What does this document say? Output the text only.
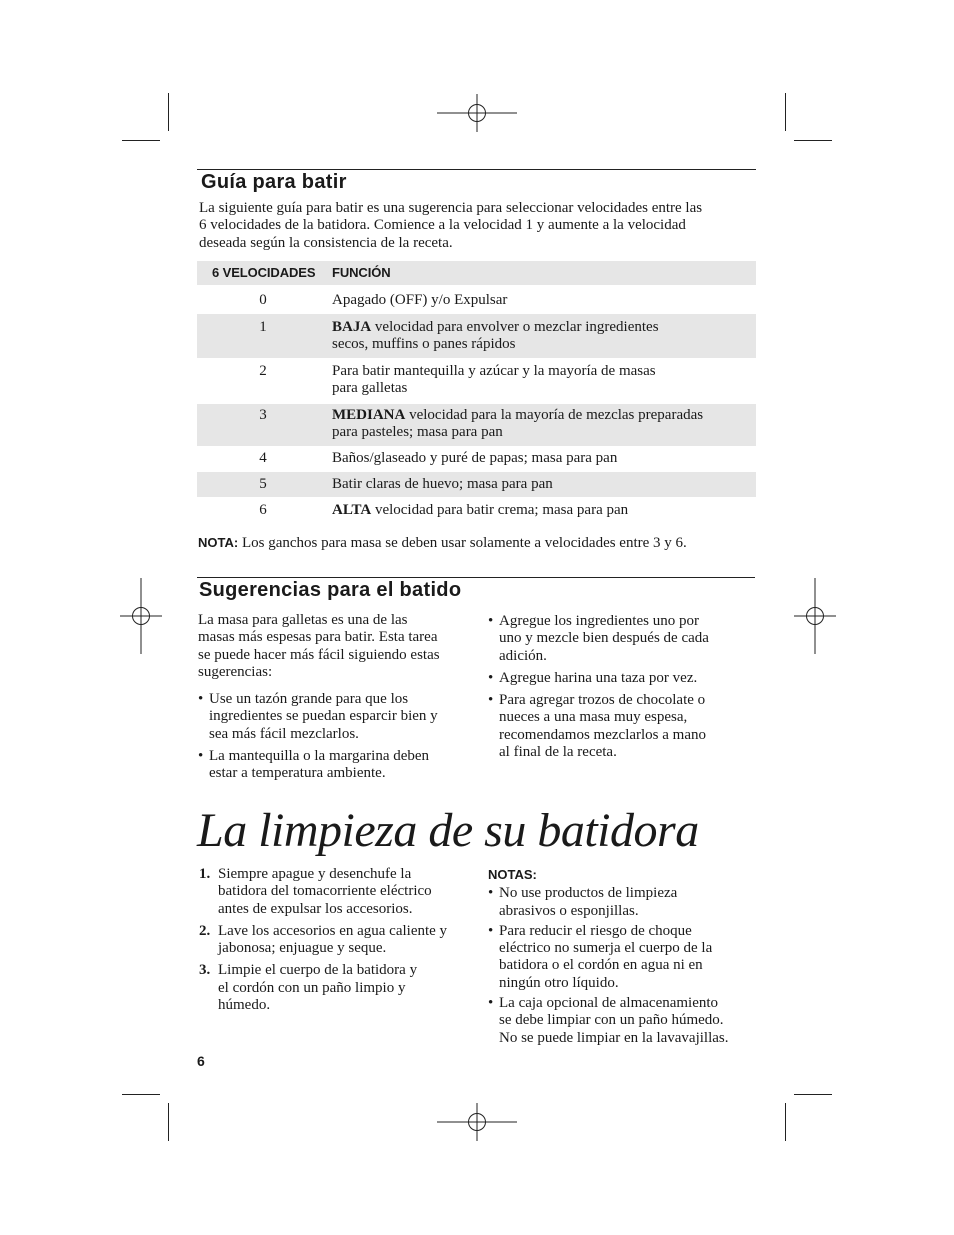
Guía para batir
La siguiente guía para batir es una sugerencia para seleccionar velocidades entre las
6 velocidades de la batidora. Comience a la velocidad 1 y aumente a la velocidad
deseada según la consistencia de la receta.
6 VELOCIDADES FUNCIÓN
0	Apagado (OFF) y/o Expulsar
1	BAJA velocidad para envolver o mezclar ingredientes
secos, muffins o panes rápidos
2	Para batir mantequilla y azúcar y la mayoría de masas
para galletas
3	MEDIANA velocidad para la mayoría de mezclas preparadas
para pasteles; masa para pan
4	Baños/glaseado y puré de papas; masa para pan
5	Batir claras de huevo; masa para pan
6	ALTA velocidad para batir crema; masa para pan
NOTA: Los ganchos para masa se deben usar solamente a velocidades entre 3 y 6.
Sugerencias para el batido
La masa para galletas es una de las
masas más espesas para batir. Esta tarea
se puede hacer más fácil siguiendo estas
sugerencias:
• Use un tazón grande para que los
ingredientes se puedan esparcir bien y
sea más fácil mezclarlos.
• La mantequilla o la margarina deben
estar a temperatura ambiente.
• Agregue los ingredientes uno por
uno y mezcle bien después de cada
adición.
• Agregue harina una taza por vez.
• Para agregar trozos de chocolate o
nueces a una masa muy espesa,
recomendamos mezclarlos a mano
al final de la receta.
La limpieza de su batidora
1. Siempre apague y desenchufe la
batidora del tomacorriente eléctrico
antes de expulsar los accesorios.
2. Lave los accesorios en agua caliente y
jabonosa; enjuague y seque.
3. Limpie el cuerpo de la batidora y
el cordón con un paño limpio y
húmedo.
NOTAS:
• No use productos de limpieza
abrasivos o esponjillas.
• Para reducir el riesgo de choque
eléctrico no sumerja el cuerpo de la
batidora o el cordón en agua ni en
ningún otro líquido.
• La caja opcional de almacenamiento
se debe limpiar con un paño húmedo.
No se puede limpiar en la lavavajillas.
6
